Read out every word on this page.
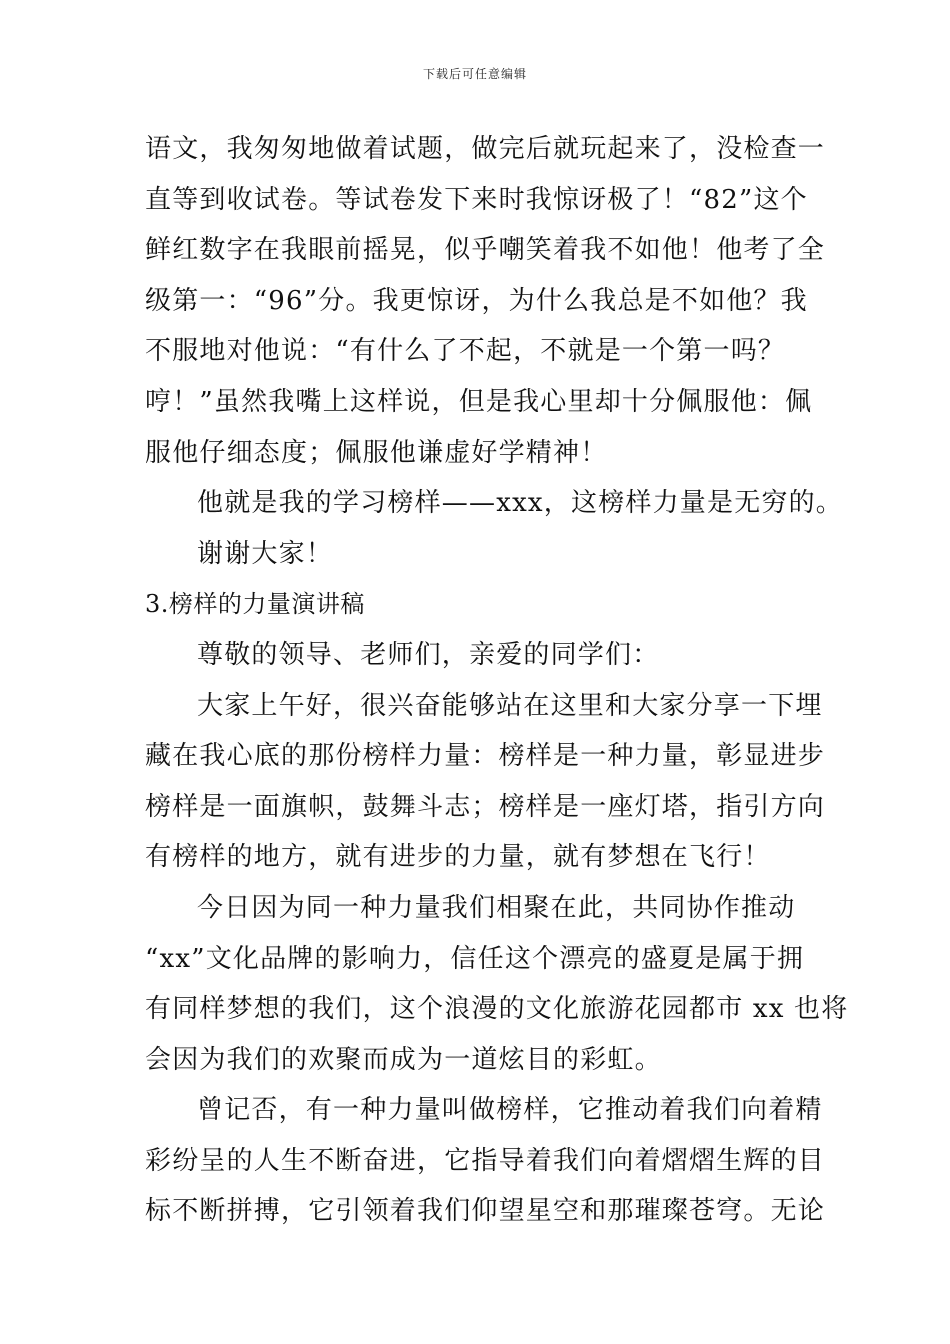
下载后可任意编辑
语文，我匆匆地做着试题，做完后就玩起来了，没检查一
直等到收试卷。等试卷发下来时我惊讶极了！“82”这个
鲜红数字在我眼前摇晃，似乎嘲笑着我不如他！他考了全
级第一：“96”分。我更惊讶，为什么我总是不如他？我
不服地对他说：“有什么了不起，不就是一个第一吗？
哼！”虽然我嘴上这样说，但是我心里却十分佩服他：佩
服他仔细态度；佩服他谦虚好学精神！
他就是我的学习榜样——xxx，这榜样力量是无穷的。
谢谢大家！
3.榜样的力量演讲稿
尊敬的领导、老师们，亲爱的同学们：
大家上午好，很兴奋能够站在这里和大家分享一下埋
藏在我心底的那份榜样力量：榜样是一种力量，彰显进步
榜样是一面旗帜，鼓舞斗志；榜样是一座灯塔，指引方向
有榜样的地方，就有进步的力量，就有梦想在飞行！
今日因为同一种力量我们相聚在此，共同协作推动
“xx”文化品牌的影响力，信任这个漂亮的盛夏是属于拥
有同样梦想的我们，这个浪漫的文化旅游花园都市 xx 也将
会因为我们的欢聚而成为一道炫目的彩虹。
曾记否，有一种力量叫做榜样，它推动着我们向着精
彩纷呈的人生不断奋进，它指导着我们向着熠熠生辉的目
标不断拼搏，它引领着我们仰望星空和那璀璨苍穹。无论
